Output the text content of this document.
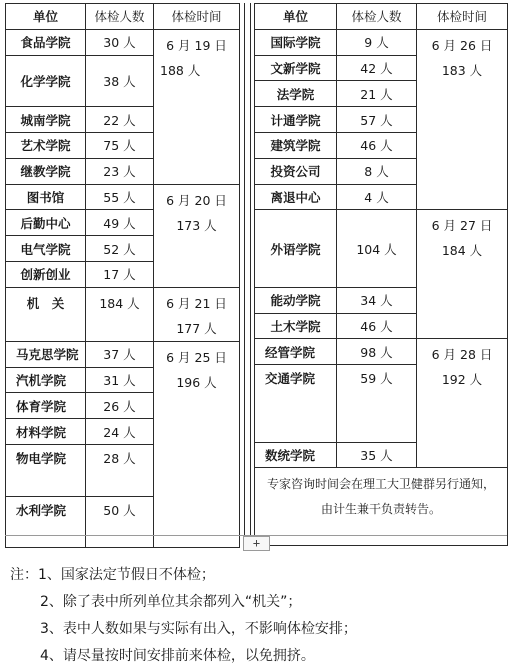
单位	体检人数	体检时间
食品学院	30 人	6 月 19 日
188 人

化学学院	38 人	

城南学院	22 人	
艺术学院	75 人	
继教学院	23 人	
图书馆	55 人	6 月 20 日
173 人

后勤中心	49 人	
电气学院	52 人	
创新创业	17 人	
机　关	184 人	6 月 21 日
177 人

马克思学院	37 人	6 月 25 日
196 人

汽机学院	31 人	
体育学院	26 人	
材料学院	24 人	
物电学院	28 人	

水利学院	50 人	

单位	体检人数	体检时间
国际学院	9 人	6 月 26 日
183 人

文新学院	42 人	
法学院	21 人	
计通学院	57 人	
建筑学院	46 人	
投资公司	8 人	
离退中心	4 人	
外语学院	104 人	6 月 27 日
184 人

能动学院	34 人	
土木学院	46 人	
经管学院	98 人	6 月 28 日
192 人

交通学院	59 人	

数统学院	35 人	
专家咨询时间会在理工大卫健群另行通知，由计生兼干负责转告。		

+
注：1、国家法定节假日不体检；
2、除了表中所列单位其余都列入“机关”；
3、表中人数如果与实际有出入，不影响体检安排；
4、请尽量按时间安排前来体检，以免拥挤。
